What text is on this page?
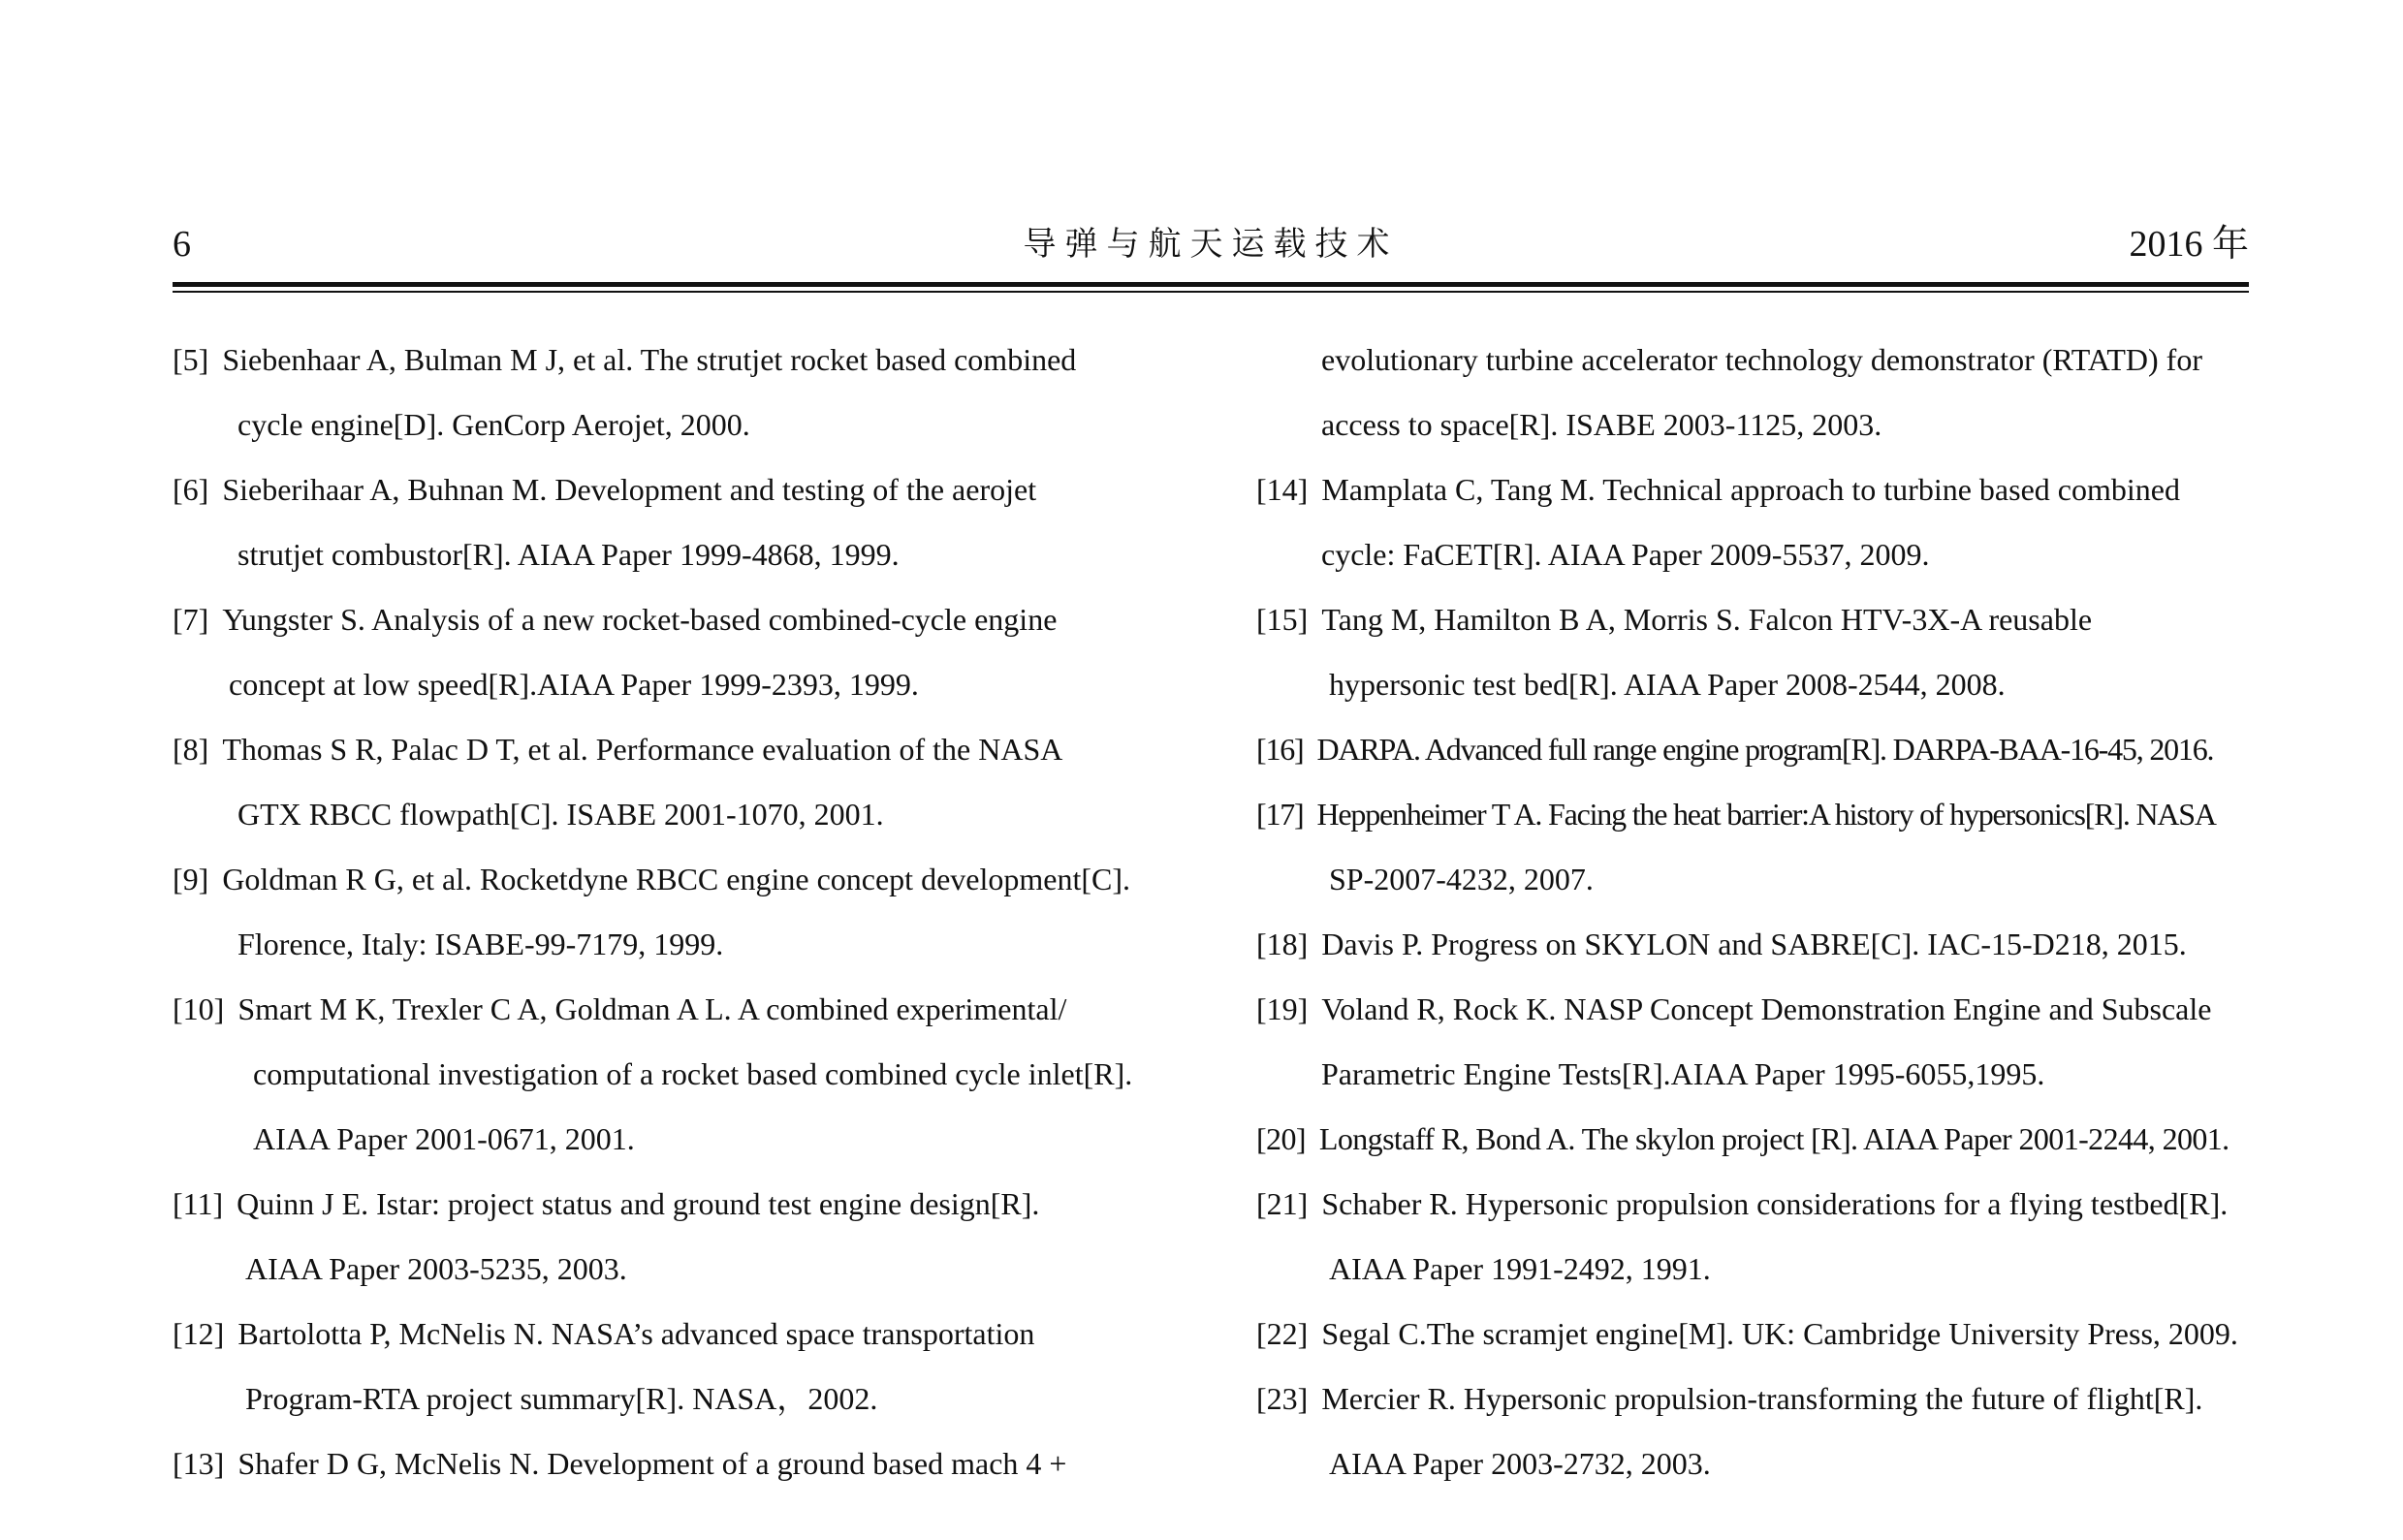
6	导弹与航天运载技术	2016 年

[5] Siebenhaar A, Bulman M J, et al. The strutjet rocket based combined
cycle engine[D]. GenCorp Aerojet, 2000.

[6] Sieberihaar A, Buhnan M. Development and testing of the aerojet
strutjet combustor[R]. AIAA Paper 1999-4868, 1999.

[7] Yungster S. Analysis of a new rocket-based combined-cycle engine
concept at low speed[R].AIAA Paper 1999-2393, 1999.

[8] Thomas S R, Palac D T, et al. Performance evaluation of the NASA
GTX RBCC flowpath[C]. ISABE 2001-1070, 2001.

[9] Goldman R G, et al. Rocketdyne RBCC engine concept development[C].
Florence, Italy: ISABE-99-7179, 1999.

[10] Smart M K, Trexler C A, Goldman A L. A combined experimental/
computational investigation of a rocket based combined cycle inlet[R].
AIAA Paper 2001-0671, 2001.

[11] Quinn J E. Istar: project status and ground test engine design[R].
AIAA Paper 2003-5235, 2003.

[12] Bartolotta P, McNelis N. NASA’s advanced space transportation
Program-RTA project summary[R]. NASA，2002.

[13] Shafer D G, McNelis N. Development of a ground based mach 4 +

evolutionary turbine accelerator technology demonstrator (RTATD) for
access to space[R]. ISABE 2003-1125, 2003.

[14] Mamplata C, Tang M. Technical approach to turbine based combined
cycle: FaCET[R]. AIAA Paper 2009-5537, 2009.

[15] Tang M, Hamilton B A, Morris S. Falcon HTV-3X-A reusable
hypersonic test bed[R]. AIAA Paper 2008-2544, 2008.

[16] DARPA. Advanced full range engine program[R]. DARPA-BAA-16-45, 2016.

[17] Heppenheimer T A. Facing the heat barrier:A history of hypersonics[R]. NASA
SP-2007-4232, 2007.

[18] Davis P. Progress on SKYLON and SABRE[C]. IAC-15-D218, 2015.

[19] Voland R, Rock K. NASP Concept Demonstration Engine and Subscale
Parametric Engine Tests[R].AIAA Paper 1995-6055,1995.

[20] Longstaff R, Bond A. The skylon project [R]. AIAA Paper 2001-2244, 2001.

[21] Schaber R. Hypersonic propulsion considerations for a flying testbed[R].
AIAA Paper 1991-2492, 1991.

[22] Segal C.The scramjet engine[M]. UK: Cambridge University Press, 2009.

[23] Mercier R. Hypersonic propulsion-transforming the future of flight[R].
AIAA Paper 2003-2732, 2003.
